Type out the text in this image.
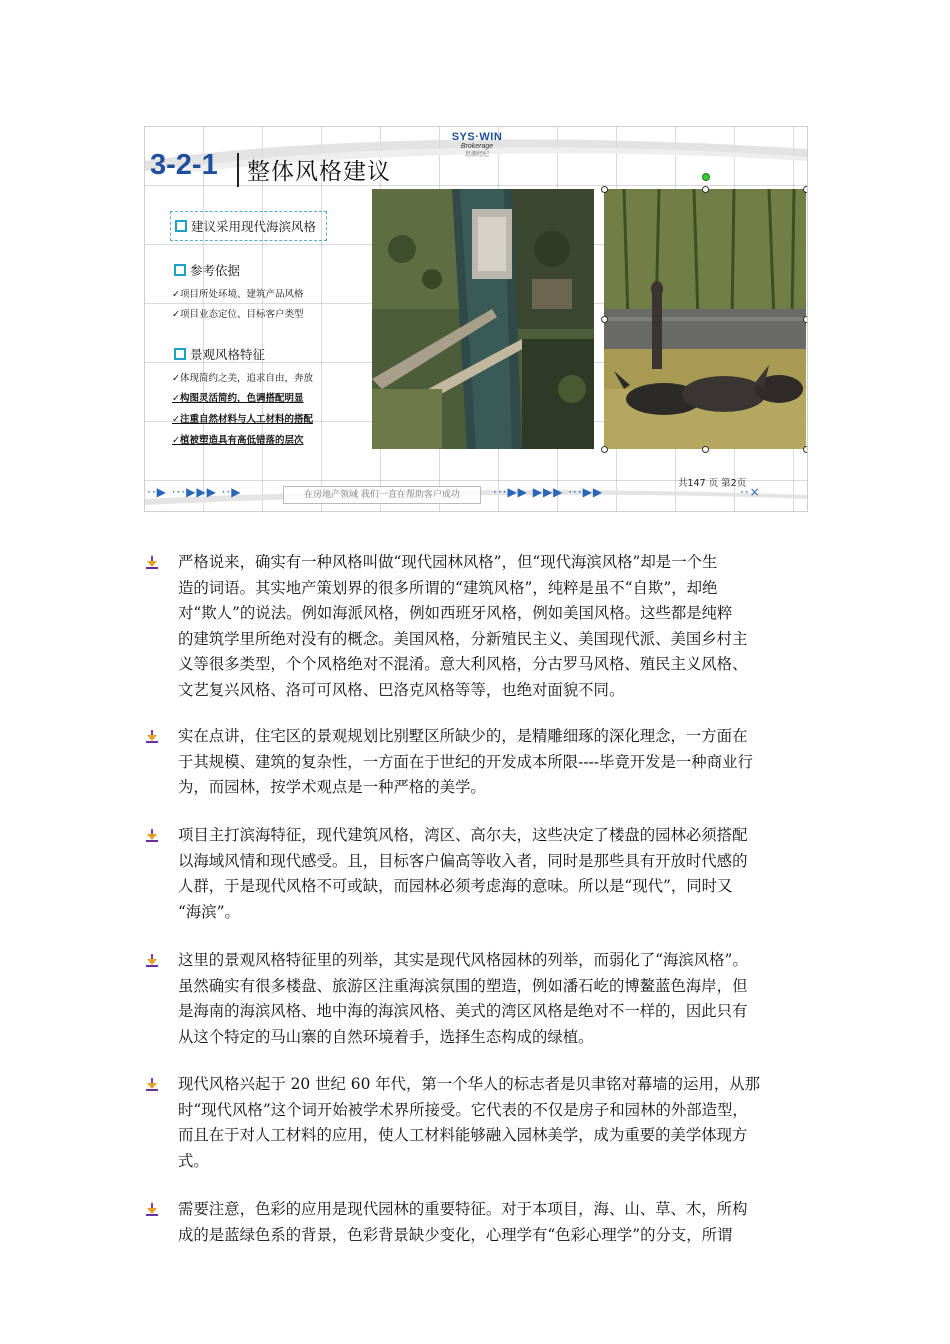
SYS·WIN
Brokerage
思源经纪
3-2-1 整体风格建议
建议采用现代海滨风格
参考依据
✓项目所处环境、建筑产品风格
✓项目业态定位、目标客户类型
景观风格特征
✓体现简约之美，追求自由，奔放
✓构图灵活简约，色调搭配明显
✓注重自然材料与人工材料的搭配
✓植被塑造具有高低错落的层次
共147 页 第2页
··▶ ···▶▶▶ ··▶	在房地产领域 我们一直在帮助客户成功	···▶▶ ▶▶▶ ···▶▶	··×
严格说来，确实有一种风格叫做“现代园林风格”，但“现代海滨风格”却是一个生
造的词语。其实地产策划界的很多所谓的“建筑风格”，纯粹是虽不“自欺”，却绝
对“欺人”的说法。例如海派风格，例如西班牙风格，例如美国风格。这些都是纯粹
的建筑学里所绝对没有的概念。美国风格，分新殖民主义、美国现代派、美国乡村主
义等很多类型，个个风格绝对不混淆。意大利风格，分古罗马风格、殖民主义风格、
文艺复兴风格、洛可可风格、巴洛克风格等等，也绝对面貌不同。
实在点讲，住宅区的景观规划比别墅区所缺少的，是精雕细琢的深化理念，一方面在
于其规模、建筑的复杂性，一方面在于世纪的开发成本所限----毕竟开发是一种商业行
为，而园林，按学术观点是一种严格的美学。
项目主打滨海特征，现代建筑风格，湾区、高尔夫，这些决定了楼盘的园林必须搭配
以海域风情和现代感受。且，目标客户偏高等收入者，同时是那些具有开放时代感的
人群，于是现代风格不可或缺，而园林必须考虑海的意味。所以是“现代”，同时又
“海滨”。
这里的景观风格特征里的列举，其实是现代风格园林的列举，而弱化了“海滨风格”。
虽然确实有很多楼盘、旅游区注重海滨氛围的塑造，例如潘石屹的博鳌蓝色海岸，但
是海南的海滨风格、地中海的海滨风格、美式的湾区风格是绝对不一样的，因此只有
从这个特定的马山寨的自然环境着手，选择生态构成的绿植。
现代风格兴起于 20 世纪 60 年代，第一个华人的标志者是贝聿铭对幕墙的运用，从那
时“现代风格”这个词开始被学术界所接受。它代表的不仅是房子和园林的外部造型，
而且在于对人工材料的应用，使人工材料能够融入园林美学，成为重要的美学体现方
式。
需要注意，色彩的应用是现代园林的重要特征。对于本项目，海、山、草、木，所构
成的是蓝绿色系的背景，色彩背景缺少变化，心理学有“色彩心理学”的分支，所谓
